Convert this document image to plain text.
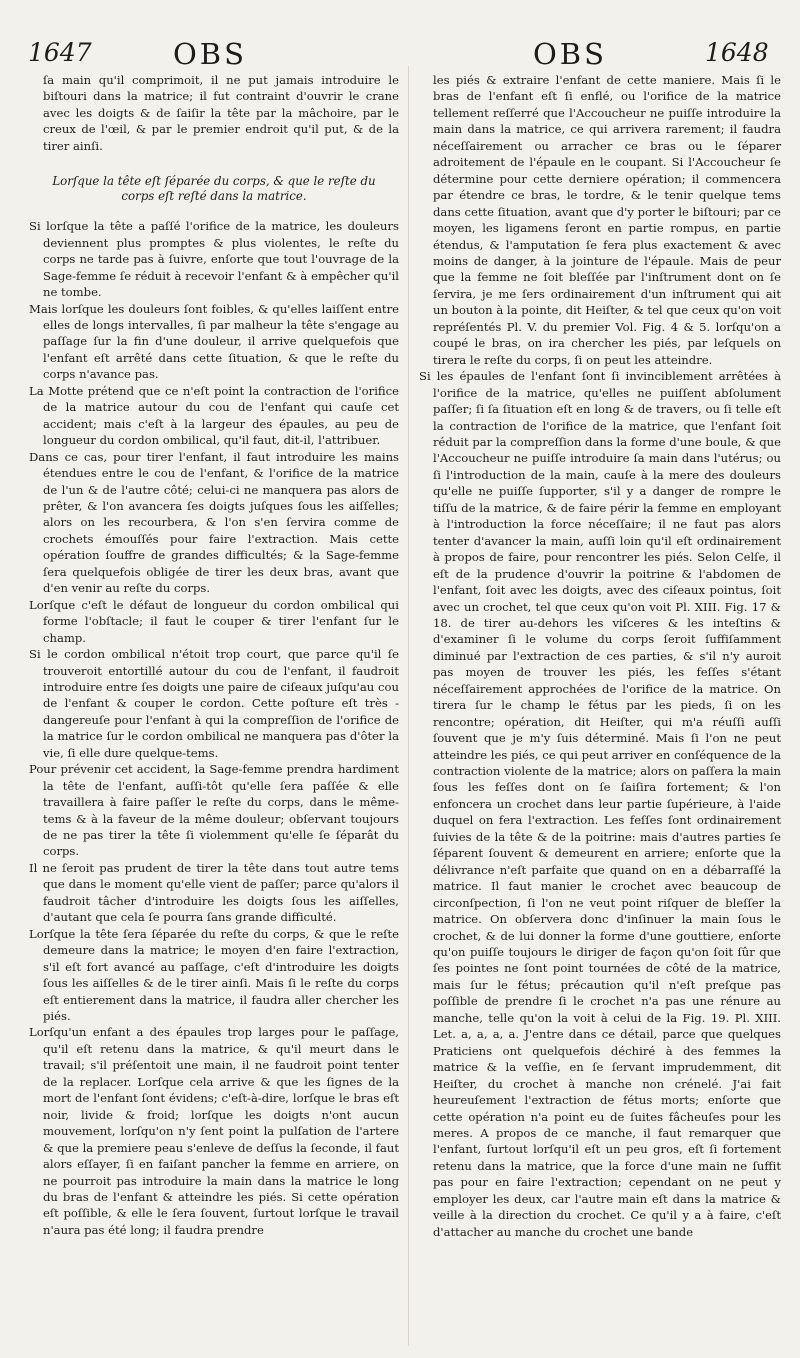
1647	OBS	OBS	1648

ſa main qu'il comprimoit, il ne put jamais introduire le biſtouri dans la matrice; il fut contraint d'ouvrir le crane avec les doigts & de ſaiſir la tête par la mâchoire, par le creux de l'œil, & par le premier endroit qu'il put, & de la tirer ainſi.

Lorſque la tête eſt ſéparée du corps, & que le reſte du corps eſt reſté dans la matrice.

Si lorſque la tête a paſſé l'orifice de la matrice, les douleurs deviennent plus promptes & plus violentes, le reſte du corps ne tarde pas à ſuivre, enſorte que tout l'ouvrage de la Sage-femme ſe réduit à recevoir l'enfant & à empêcher qu'il ne tombe.

Mais lorſque les douleurs ſont foibles, & qu'elles laiſſent entre elles de longs intervalles, ſi par malheur la tête s'engage au paſſage ſur la fin d'une douleur, il arrive quelquefois que l'enfant eſt arrêté dans cette ſituation, & que le reſte du corps n'avance pas.

La Motte prétend que ce n'eſt point la contraction de l'orifice de la matrice autour du cou de l'enfant qui cauſe cet accident; mais c'eſt à la largeur des épaules, au peu de longueur du cordon ombilical, qu'il faut, dit-il, l'attribuer.

Dans ce cas, pour tirer l'enfant, il faut introduire les mains étendues entre le cou de l'enfant, & l'orifice de la matrice de l'un & de l'autre côté; celui-ci ne manquera pas alors de prêter, & l'on avancera ſes doigts juſques ſous les aiſſelles; alors on les recourbera, & l'on s'en ſervira comme de crochets émouſſés pour faire l'extraction. Mais cette opération ſouffre de grandes difficultés; & la Sage-femme ſera quelquefois obligée de tirer les deux bras, avant que d'en venir au reſte du corps.

Lorſque c'eſt le défaut de longueur du cordon ombilical qui forme l'obſtacle; il faut le couper & tirer l'enfant ſur le champ.

Si le cordon ombilical n'étoit trop court, que parce qu'il ſe trouveroit entortillé autour du cou de l'enfant, il faudroit introduire entre ſes doigts une paire de ciſeaux juſqu'au cou de l'enfant & couper le cordon. Cette poſture eſt très - dangereuſe pour l'enfant à qui la compreſſion de l'orifice de la matrice ſur le cordon ombilical ne manquera pas d'ôter la vie, ſi elle dure quelque-tems.

Pour prévenir cet accident, la Sage-femme prendra hardiment la tête de l'enfant, auſſi-tôt qu'elle ſera paſſée & elle travaillera à faire paſſer le reſte du corps, dans le même-tems & à la faveur de la même douleur; obſervant toujours de ne pas tirer la tête ſi violemment qu'elle ſe ſéparât du corps.

Il ne ſeroit pas prudent de tirer la tête dans tout autre tems que dans le moment qu'elle vient de paſſer; parce qu'alors il faudroit tâcher d'introduire les doigts ſous les aiſſelles, d'autant que cela ſe pourra ſans grande difficulté.

Lorſque la tête ſera ſéparée du reſte du corps, & que le reſte demeure dans la matrice; le moyen d'en faire l'extraction, s'il eſt fort avancé au paſſage, c'eſt d'introduire les doigts ſous les aiſſelles & de le tirer ainſi. Mais ſi le reſte du corps eſt entierement dans la matrice, il faudra aller chercher les piés.

Lorſqu'un enfant a des épaules trop larges pour le paſſage, qu'il eſt retenu dans la matrice, & qu'il meurt dans le travail; s'il préſentoit une main, il ne faudroit point tenter de la replacer. Lorſque cela arrive & que les ſignes de la mort de l'enfant ſont évidens; c'eſt-à-dire, lorſque le bras eſt noir, livide & froid; lorſque les doigts n'ont aucun mouvement, lorſqu'on n'y ſent point la pulſation de l'artere & que la premiere peau s'enleve de deſſus la ſeconde, il faut alors eſſayer, ſi en faiſant pancher la femme en arriere, on ne pourroit pas introduire la main dans la matrice le long du bras de l'enfant & atteindre les piés. Si cette opération eſt poſſible, & elle le ſera ſouvent, ſurtout lorſque le travail n'aura pas été long; il faudra prendre

les piés & extraire l'enfant de cette maniere. Mais ſi le bras de l'enfant eſt ſi enflé, ou l'orifice de la matrice tellement reſſerré que l'Accoucheur ne puiſſe introduire la main dans la matrice, ce qui arrivera rarement; il faudra néceſſairement ou arracher ce bras ou le ſéparer adroitement de l'épaule en le coupant. Si l'Accoucheur ſe détermine pour cette derniere opération; il commencera par étendre ce bras, le tordre, & le tenir quelque tems dans cette ſituation, avant que d'y porter le biſtouri; par ce moyen, les ligamens ſeront en partie rompus, en partie étendus, & l'amputation ſe fera plus exactement & avec moins de danger, à la jointure de l'épaule. Mais de peur que la femme ne ſoit bleſſée par l'inſtrument dont on ſe ſervira, je me ſers ordinairement d'un inſtrument qui ait un bouton à la pointe, dit Heiſter, & tel que ceux qu'on voit repréſentés Pl. V. du premier Vol. Fig. 4 & 5. lorſqu'on a coupé le bras, on ira chercher les piés, par leſquels on tirera le reſte du corps, ſi on peut les atteindre.

Si les épaules de l'enfant ſont ſi invinciblement arrêtées à l'orifice de la matrice, qu'elles ne puiſſent abſolument paſſer; ſi ſa ſituation eſt en long & de travers, ou ſi telle eſt la contraction de l'orifice de la matrice, que l'enfant ſoit réduit par la compreſſion dans la forme d'une boule, & que l'Accoucheur ne puiſſe introduire ſa main dans l'utérus; ou ſi l'introduction de la main, cauſe à la mere des douleurs qu'elle ne puiſſe ſupporter, s'il y a danger de rompre le tiſſu de la matrice, & de faire périr la femme en employant à l'introduction la force néceſſaire; il ne faut pas alors tenter d'avancer la main, auſſi loin qu'il eſt ordinairement à propos de faire, pour rencontrer les piés. Selon Celſe, il eſt de la prudence d'ouvrir la poitrine & l'abdomen de l'enfant, ſoit avec les doigts, avec des ciſeaux pointus, ſoit avec un crochet, tel que ceux qu'on voit Pl. XIII. Fig. 17 & 18. de tirer au-dehors les viſceres & les inteſtins & d'examiner ſi le volume du corps ſeroit ſuffiſamment diminué par l'extraction de ces parties, & s'il n'y auroit pas moyen de trouver les piés, les feſſes s'étant néceſſairement approchées de l'orifice de la matrice. On tirera ſur le champ le fétus par les pieds, ſi on les rencontre; opération, dit Heiſter, qui m'a réuſſi auſſi ſouvent que je m'y ſuis déterminé. Mais ſi l'on ne peut atteindre les piés, ce qui peut arriver en conſéquence de la contraction violente de la matrice; alors on paſſera la main ſous les feſſes dont on ſe ſaiſira fortement; & l'on enfoncera un crochet dans leur partie ſupérieure, à l'aide duquel on fera l'extraction. Les feſſes ſont ordinairement ſuivies de la tête & de la poitrine: mais d'autres parties ſe ſéparent ſouvent & demeurent en arriere; enſorte que la délivrance n'eſt parfaite que quand on en a débarraſſé la matrice. Il faut manier le crochet avec beaucoup de circonſpection, ſi l'on ne veut point riſquer de bleſſer la matrice. On obſervera donc d'inſinuer la main ſous le crochet, & de lui donner la forme d'une gouttiere, enſorte qu'on puiſſe toujours le diriger de façon qu'on ſoit ſûr que ſes pointes ne ſont point tournées de côté de la matrice, mais ſur le fétus; précaution qu'il n'eſt preſque pas poſſible de prendre ſi le crochet n'a pas une rénure au manche, telle qu'on la voit à celui de la Fig. 19. Pl. XIII. Let. a, a, a, a. J'entre dans ce détail, parce que quelques Praticiens ont quelquefois déchiré à des femmes la matrice & la veſſie, en ſe ſervant imprudemment, dit Heiſter, du crochet à manche non crénelé. J'ai fait heureuſement l'extraction de fétus morts; enſorte que cette opération n'a point eu de ſuites fâcheuſes pour les meres. A propos de ce manche, il faut remarquer que l'enfant, ſurtout lorſqu'il eſt un peu gros, eſt ſi fortement retenu dans la matrice, que la force d'une main ne ſuffit pas pour en faire l'extraction; cependant on ne peut y employer les deux, car l'autre main eſt dans la matrice & veille à la direction du crochet. Ce qu'il y a à faire, c'eſt d'attacher au manche du crochet une bande
